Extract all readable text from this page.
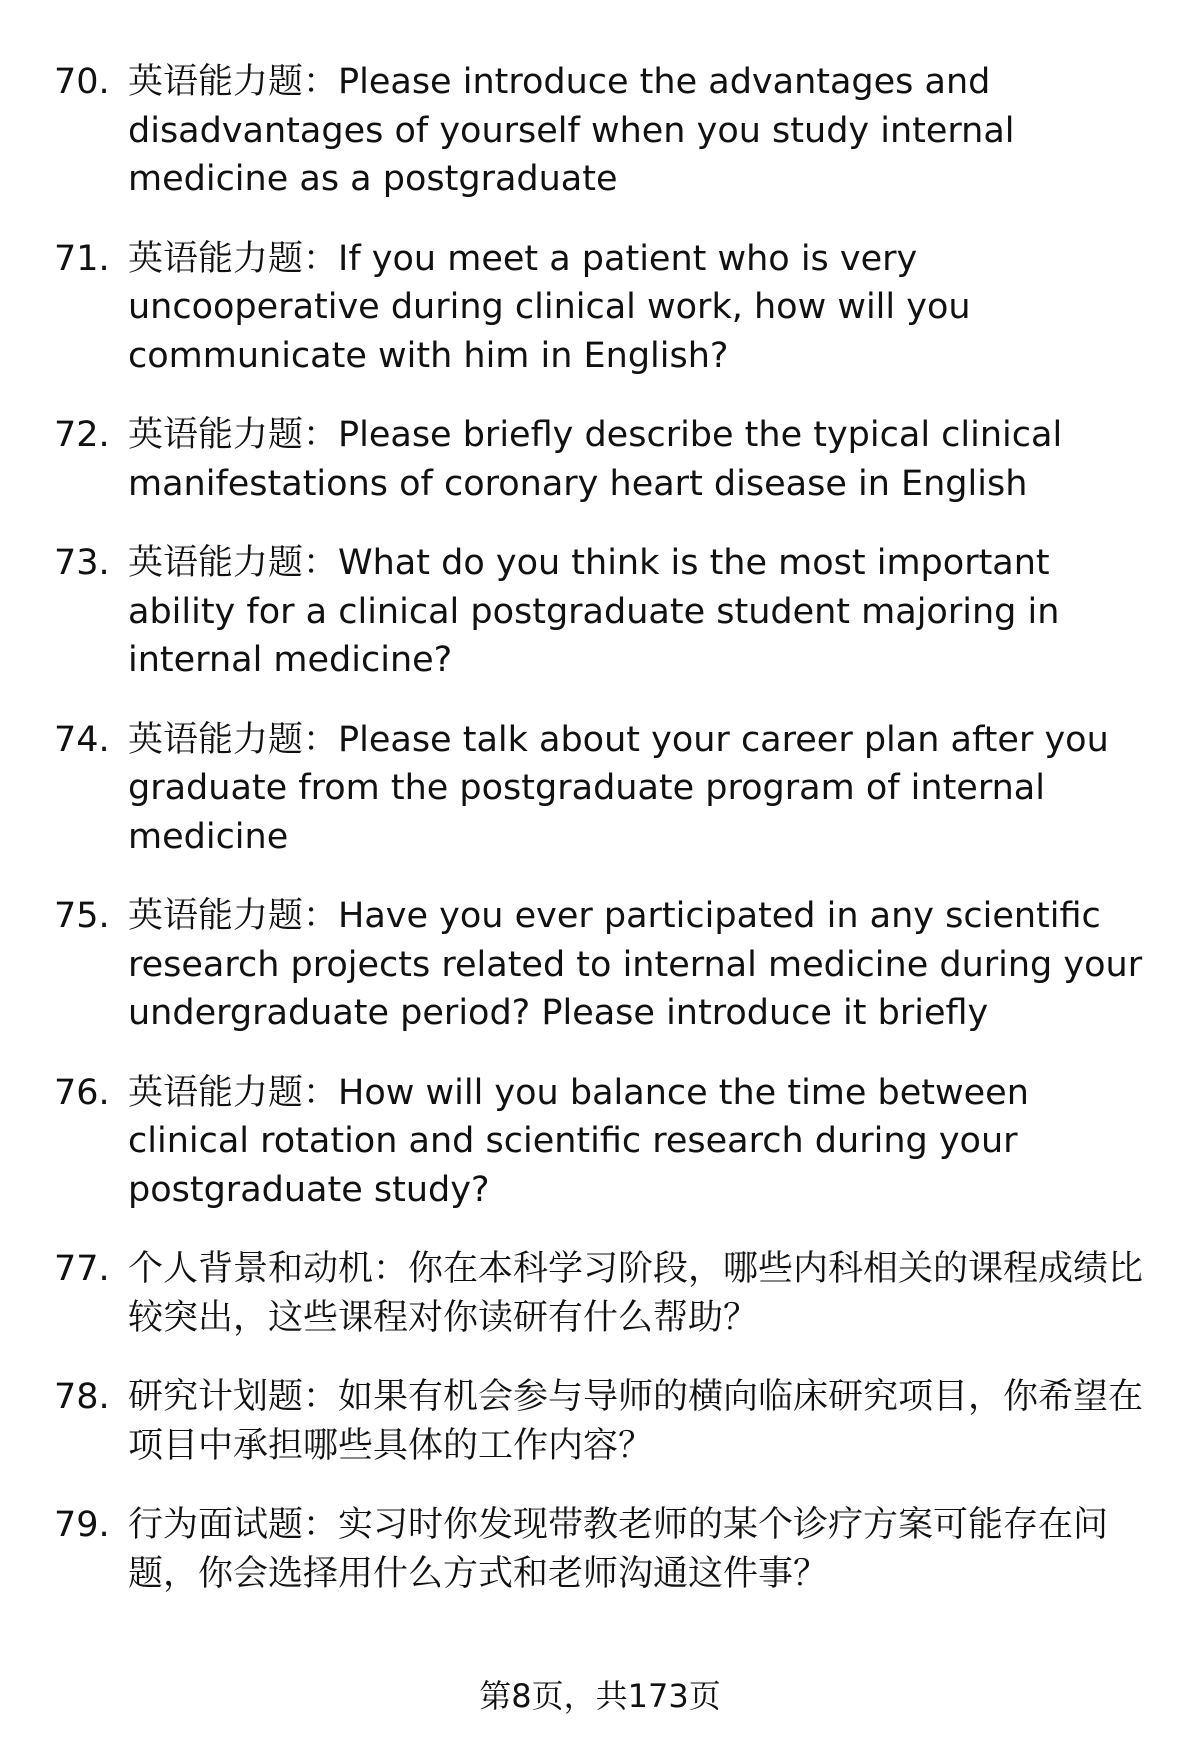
70. 英语能力题：Please introduce the advantages and disadvantages of yourself when you study internal medicine as a postgraduate
71. 英语能力题：If you meet a patient who is very uncooperative during clinical work, how will you communicate with him in English?
72. 英语能力题：Please briefly describe the typical clinical manifestations of coronary heart disease in English
73. 英语能力题：What do you think is the most important ability for a clinical postgraduate student majoring in internal medicine?
74. 英语能力题：Please talk about your career plan after you graduate from the postgraduate program of internal medicine
75. 英语能力题：Have you ever participated in any scientific research projects related to internal medicine during your undergraduate period? Please introduce it briefly
76. 英语能力题：How will you balance the time between clinical rotation and scientific research during your postgraduate study?
77. 个人背景和动机：你在本科学习阶段，哪些内科相关的课程成绩比较突出，这些课程对你读研有什么帮助？
78. 研究计划题：如果有机会参与导师的横向临床研究项目，你希望在项目中承担哪些具体的工作内容？
79. 行为面试题：实习时你发现带教老师的某个诊疗方案可能存在问题，你会选择用什么方式和老师沟通这件事？
第8页，共173页
